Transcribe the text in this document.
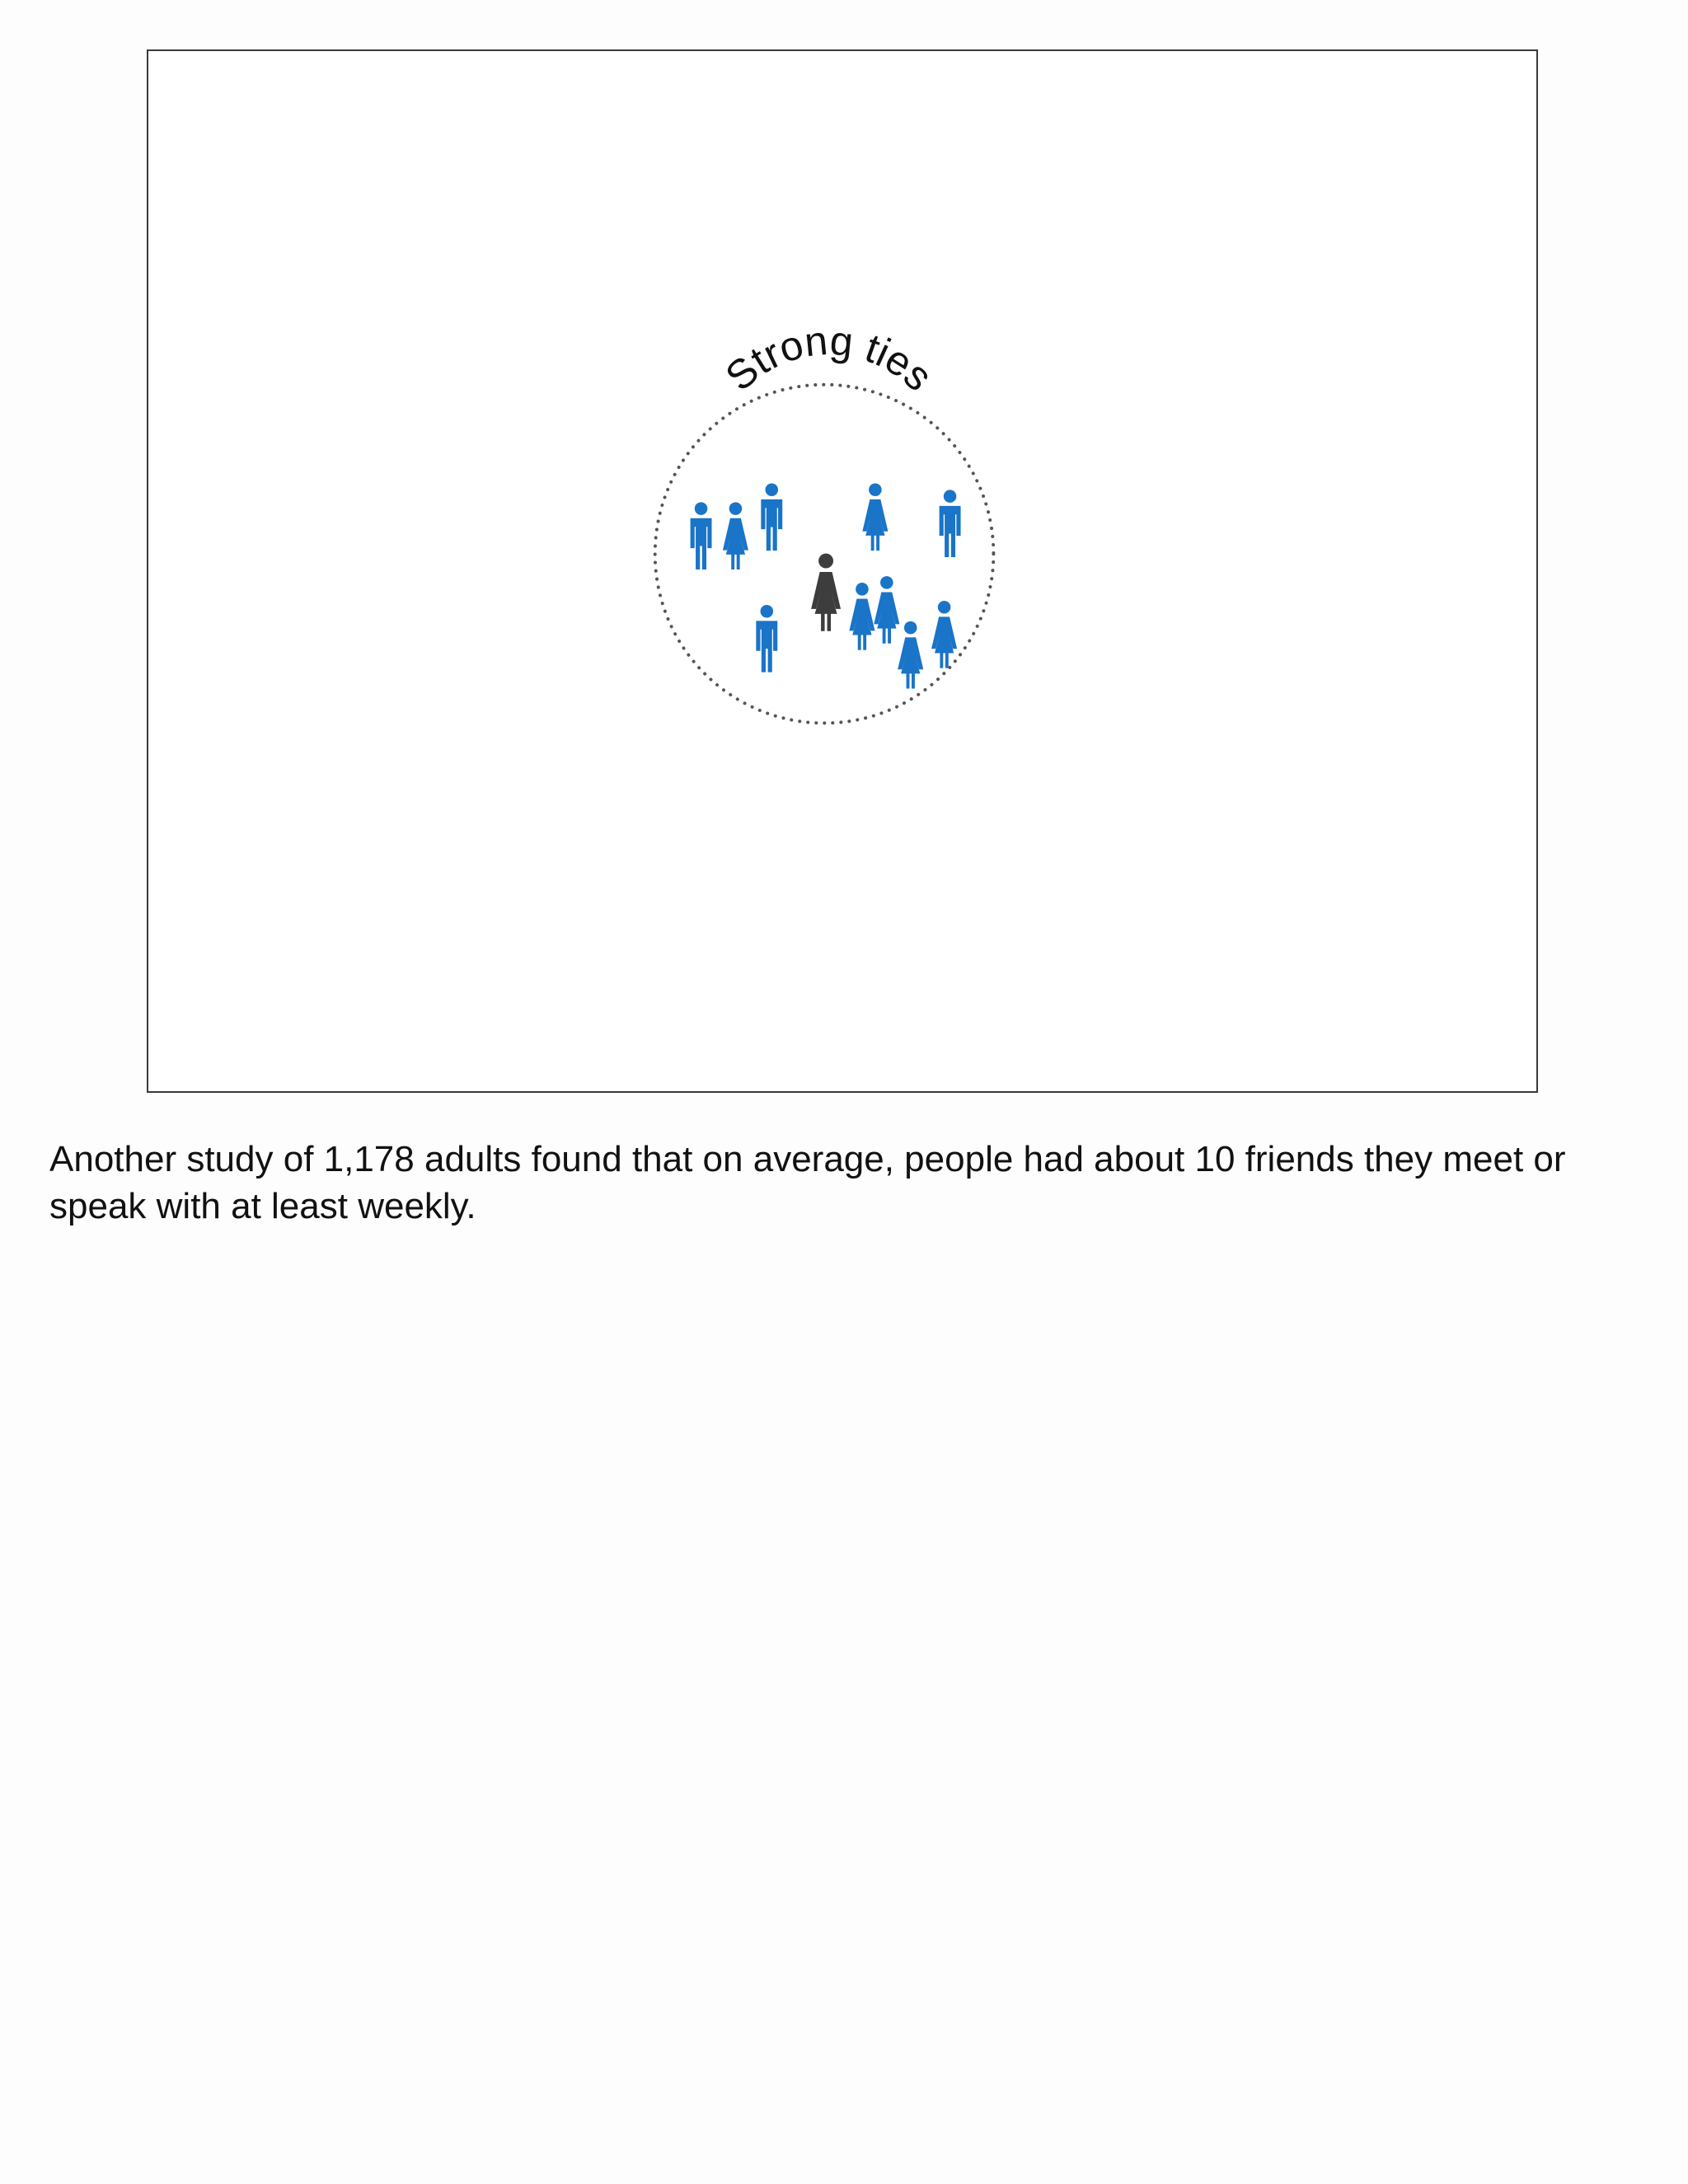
Strong ties

Another study of 1,178 adults found that on average, people had about 10 friends they meet or speak with at least weekly.
